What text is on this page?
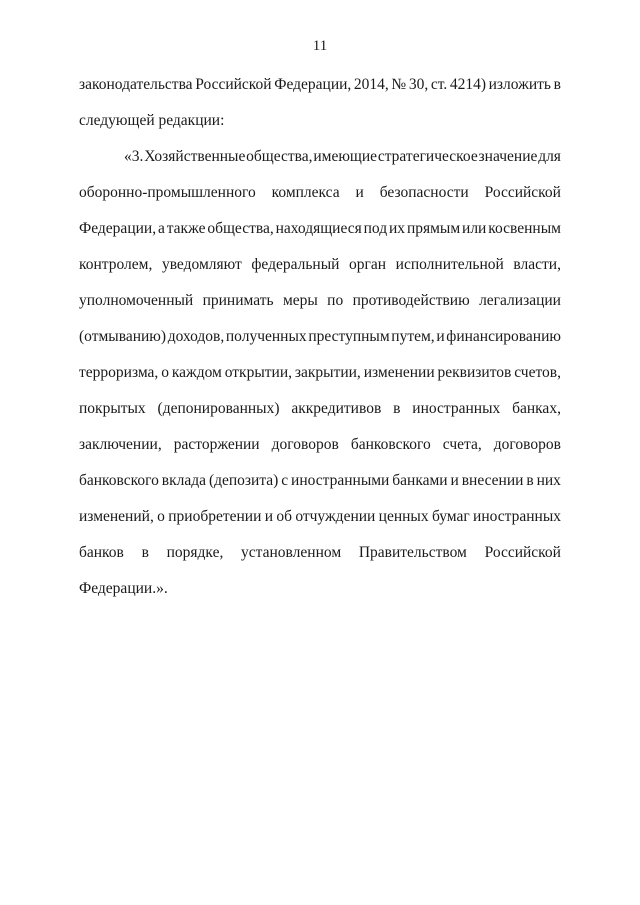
11
законодательства Российской Федерации, 2014, № 30, ст. 4214) изложить в
следующей редакции:
«3. Хозяйственные общества, имеющие стратегическое значение для
оборонно-промышленного комплекса и безопасности Российской
Федерации, а также общества, находящиеся под их прямым или косвенным
контролем, уведомляют федеральный орган исполнительной власти,
уполномоченный принимать меры по противодействию легализации
(отмыванию) доходов, полученных преступным путем, и финансированию
терроризма, о каждом открытии, закрытии, изменении реквизитов счетов,
покрытых (депонированных) аккредитивов в иностранных банках,
заключении, расторжении договоров банковского счета, договоров
банковского вклада (депозита) с иностранными банками и внесении в них
изменений, о приобретении и об отчуждении ценных бумаг иностранных
банков в порядке, установленном Правительством Российской
Федерации.».
